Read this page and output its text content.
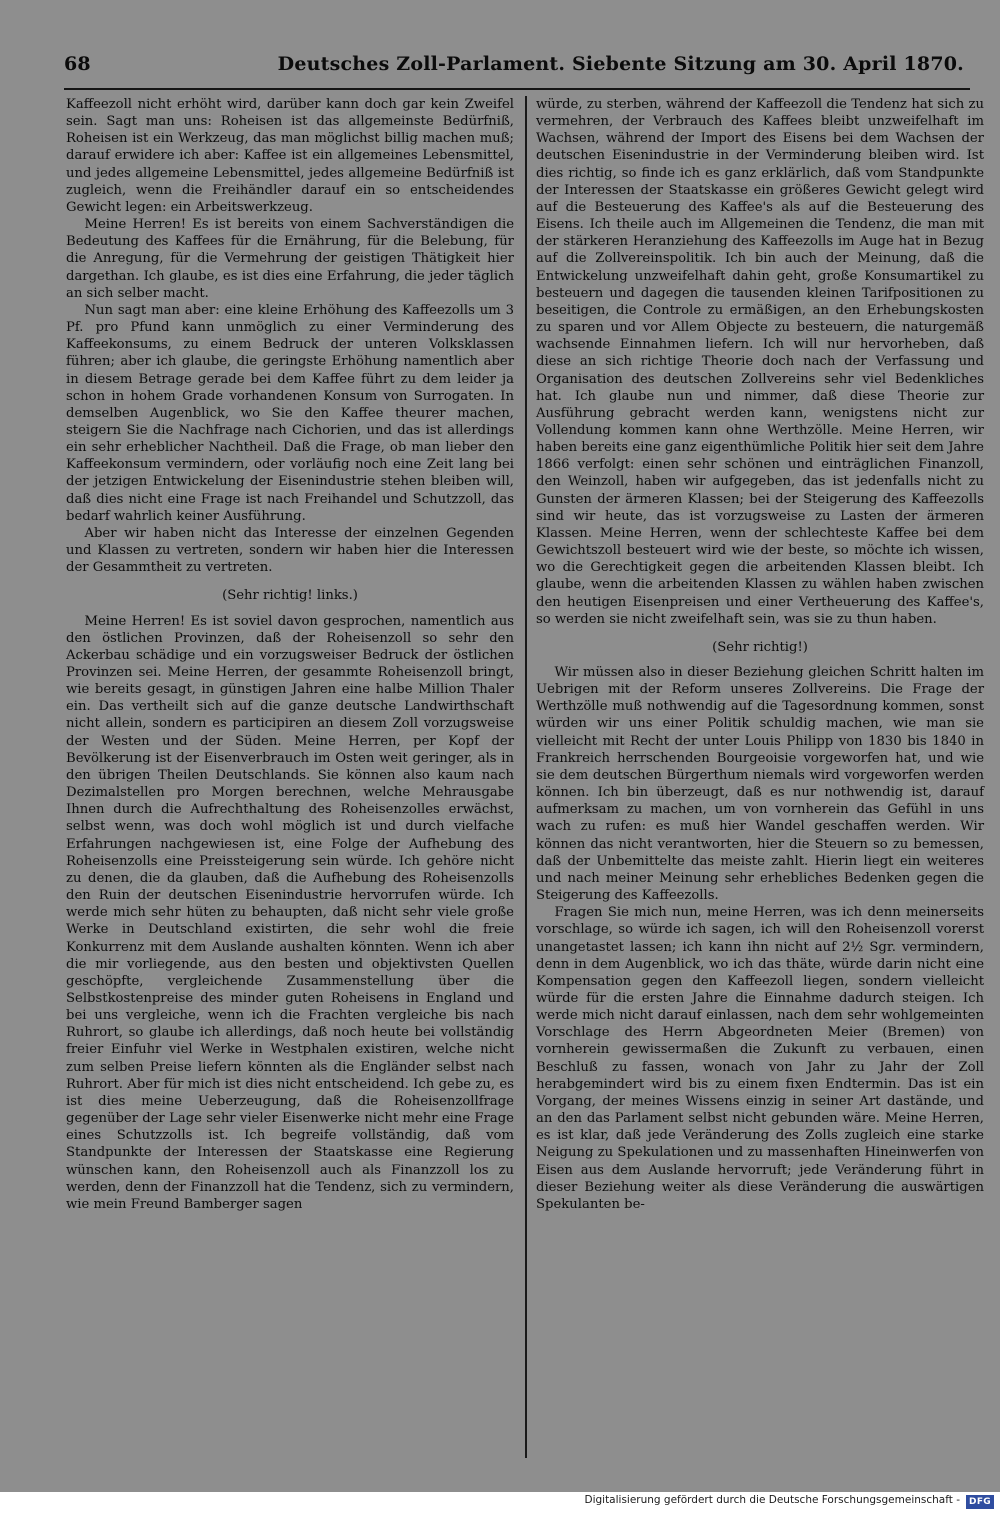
68	Deutsches Zoll-Parlament. Siebente Sitzung am 30. April 1870.

Kaffeezoll nicht erhöht wird, darüber kann doch gar kein Zweifel sein. Sagt man uns: Roheisen ist das allgemeinste Bedürfniß, Roheisen ist ein Werkzeug, das man möglichst billig machen muß; darauf erwidere ich aber: Kaffee ist ein allgemeines Lebensmittel, und jedes allgemeine Lebensmittel, jedes allgemeine Bedürfniß ist zugleich, wenn die Freihändler darauf ein so entscheidendes Gewicht legen: ein Arbeitswerkzeug.

Meine Herren! Es ist bereits von einem Sachverständigen die Bedeutung des Kaffees für die Ernährung, für die Belebung, für die Anregung, für die Vermehrung der geistigen Thätigkeit hier dargethan. Ich glaube, es ist dies eine Erfahrung, die jeder täglich an sich selber macht.

Nun sagt man aber: eine kleine Erhöhung des Kaffeezolls um 3 Pf. pro Pfund kann unmöglich zu einer Verminderung des Kaffeekonsums, zu einem Bedruck der unteren Volksklassen führen; aber ich glaube, die geringste Erhöhung namentlich aber in diesem Betrage gerade bei dem Kaffee führt zu dem leider ja schon in hohem Grade vorhandenen Konsum von Surrogaten. In demselben Augenblick, wo Sie den Kaffee theurer machen, steigern Sie die Nachfrage nach Cichorien, und das ist allerdings ein sehr erheblicher Nachtheil. Daß die Frage, ob man lieber den Kaffeekonsum vermindern, oder vorläufig noch eine Zeit lang bei der jetzigen Entwickelung der Eisenindustrie stehen bleiben will, daß dies nicht eine Frage ist nach Freihandel und Schutzzoll, das bedarf wahrlich keiner Ausführung.

Aber wir haben nicht das Interesse der einzelnen Gegenden und Klassen zu vertreten, sondern wir haben hier die Interessen der Gesammtheit zu vertreten.

(Sehr richtig! links.)

Meine Herren! Es ist soviel davon gesprochen, namentlich aus den östlichen Provinzen, daß der Roheisenzoll so sehr den Ackerbau schädige und ein vorzugsweiser Bedruck der östlichen Provinzen sei. Meine Herren, der gesammte Roheisenzoll bringt, wie bereits gesagt, in günstigen Jahren eine halbe Million Thaler ein. Das vertheilt sich auf die ganze deutsche Landwirthschaft nicht allein, sondern es participiren an diesem Zoll vorzugsweise der Westen und der Süden. Meine Herren, per Kopf der Bevölkerung ist der Eisenverbrauch im Osten weit geringer, als in den übrigen Theilen Deutschlands. Sie können also kaum nach Dezimalstellen pro Morgen berechnen, welche Mehrausgabe Ihnen durch die Aufrechthaltung des Roheisenzolles erwächst, selbst wenn, was doch wohl möglich ist und durch vielfache Erfahrungen nachgewiesen ist, eine Folge der Aufhebung des Roheisenzolls eine Preissteigerung sein würde. Ich gehöre nicht zu denen, die da glauben, daß die Aufhebung des Roheisenzolls den Ruin der deutschen Eisenindustrie hervorrufen würde. Ich werde mich sehr hüten zu behaupten, daß nicht sehr viele große Werke in Deutschland existirten, die sehr wohl die freie Konkurrenz mit dem Auslande aushalten könnten. Wenn ich aber die mir vorliegende, aus den besten und objektivsten Quellen geschöpfte, vergleichende Zusammenstellung über die Selbstkostenpreise des minder guten Roheisens in England und bei uns vergleiche, wenn ich die Frachten vergleiche bis nach Ruhrort, so glaube ich allerdings, daß noch heute bei vollständig freier Einfuhr viel Werke in Westphalen existiren, welche nicht zum selben Preise liefern könnten als die Engländer selbst nach Ruhrort. Aber für mich ist dies nicht entscheidend. Ich gebe zu, es ist dies meine Ueberzeugung, daß die Roheisenzollfrage gegenüber der Lage sehr vieler Eisenwerke nicht mehr eine Frage eines Schutzzolls ist. Ich begreife vollständig, daß vom Standpunkte der Interessen der Staatskasse eine Regierung wünschen kann, den Roheisenzoll auch als Finanzzoll los zu werden, denn der Finanzzoll hat die Tendenz, sich zu vermindern, wie mein Freund Bamberger sagen

würde, zu sterben, während der Kaffeezoll die Tendenz hat sich zu vermehren, der Verbrauch des Kaffees bleibt unzweifelhaft im Wachsen, während der Import des Eisens bei dem Wachsen der deutschen Eisenindustrie in der Verminderung bleiben wird. Ist dies richtig, so finde ich es ganz erklärlich, daß vom Standpunkte der Interessen der Staatskasse ein größeres Gewicht gelegt wird auf die Besteuerung des Kaffee's als auf die Besteuerung des Eisens. Ich theile auch im Allgemeinen die Tendenz, die man mit der stärkeren Heranziehung des Kaffeezolls im Auge hat in Bezug auf die Zollvereinspolitik. Ich bin auch der Meinung, daß die Entwickelung unzweifelhaft dahin geht, große Konsumartikel zu besteuern und dagegen die tausenden kleinen Tarifpositionen zu beseitigen, die Controle zu ermäßigen, an den Erhebungskosten zu sparen und vor Allem Objecte zu besteuern, die naturgemäß wachsende Einnahmen liefern. Ich will nur hervorheben, daß diese an sich richtige Theorie doch nach der Verfassung und Organisation des deutschen Zollvereins sehr viel Bedenkliches hat. Ich glaube nun und nimmer, daß diese Theorie zur Ausführung gebracht werden kann, wenigstens nicht zur Vollendung kommen kann ohne Werthzölle. Meine Herren, wir haben bereits eine ganz eigenthümliche Politik hier seit dem Jahre 1866 verfolgt: einen sehr schönen und einträglichen Finanzoll, den Weinzoll, haben wir aufgegeben, das ist jedenfalls nicht zu Gunsten der ärmeren Klassen; bei der Steigerung des Kaffeezolls sind wir heute, das ist vorzugsweise zu Lasten der ärmeren Klassen. Meine Herren, wenn der schlechteste Kaffee bei dem Gewichtszoll besteuert wird wie der beste, so möchte ich wissen, wo die Gerechtigkeit gegen die arbeitenden Klassen bleibt. Ich glaube, wenn die arbeitenden Klassen zu wählen haben zwischen den heutigen Eisenpreisen und einer Vertheuerung des Kaffee's, so werden sie nicht zweifelhaft sein, was sie zu thun haben.

(Sehr richtig!)

Wir müssen also in dieser Beziehung gleichen Schritt halten im Uebrigen mit der Reform unseres Zollvereins. Die Frage der Werthzölle muß nothwendig auf die Tagesordnung kommen, sonst würden wir uns einer Politik schuldig machen, wie man sie vielleicht mit Recht der unter Louis Philipp von 1830 bis 1840 in Frankreich herrschenden Bourgeoisie vorgeworfen hat, und wie sie dem deutschen Bürgerthum niemals wird vorgeworfen werden können. Ich bin überzeugt, daß es nur nothwendig ist, darauf aufmerksam zu machen, um von vornherein das Gefühl in uns wach zu rufen: es muß hier Wandel geschaffen werden. Wir können das nicht verantworten, hier die Steuern so zu bemessen, daß der Unbemittelte das meiste zahlt. Hierin liegt ein weiteres und nach meiner Meinung sehr erhebliches Bedenken gegen die Steigerung des Kaffeezolls.

Fragen Sie mich nun, meine Herren, was ich denn meinerseits vorschlage, so würde ich sagen, ich will den Roheisenzoll vorerst unangetastet lassen; ich kann ihn nicht auf 2½ Sgr. vermindern, denn in dem Augenblick, wo ich das thäte, würde darin nicht eine Kompensation gegen den Kaffeezoll liegen, sondern vielleicht würde für die ersten Jahre die Einnahme dadurch steigen. Ich werde mich nicht darauf einlassen, nach dem sehr wohlgemeinten Vorschlage des Herrn Abgeordneten Meier (Bremen) von vornherein gewissermaßen die Zukunft zu verbauen, einen Beschluß zu fassen, wonach von Jahr zu Jahr der Zoll herabgemindert wird bis zu einem fixen Endtermin. Das ist ein Vorgang, der meines Wissens einzig in seiner Art dastände, und an den das Parlament selbst nicht gebunden wäre. Meine Herren, es ist klar, daß jede Veränderung des Zolls zugleich eine starke Neigung zu Spekulationen und zu massenhaften Hineinwerfen von Eisen aus dem Auslande hervorruft; jede Veränderung führt in dieser Beziehung weiter als diese Veränderung die auswärtigen Spekulanten be-

Digitalisierung gefördert durch die Deutsche Forschungsgemeinschaft -	DFG
